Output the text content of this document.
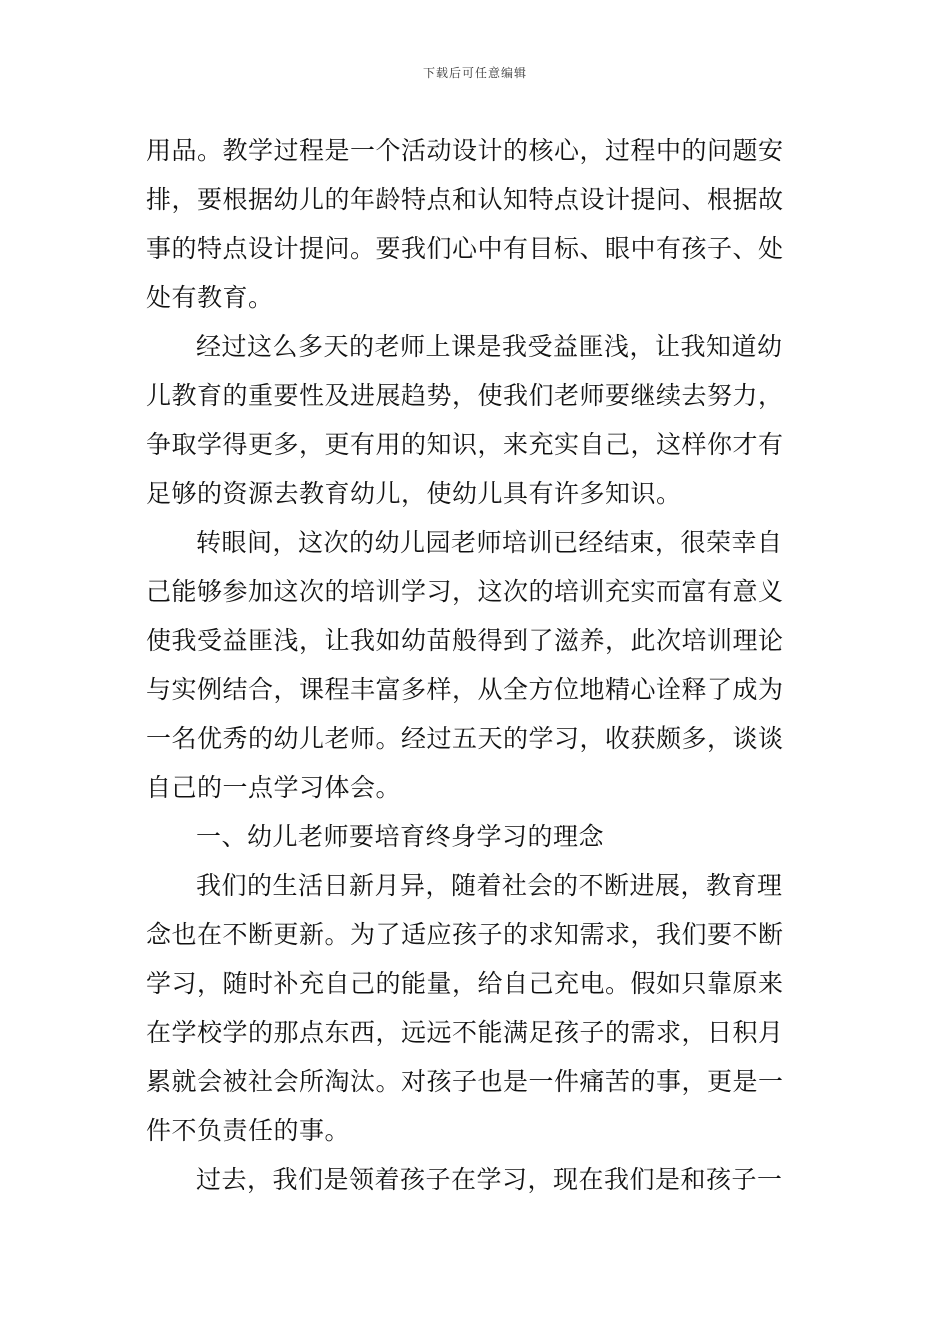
下载后可任意编辑
用品。教学过程是一个活动设计的核心，过程中的问题安
排，要根据幼儿的年龄特点和认知特点设计提问、根据故
事的特点设计提问。要我们心中有目标、眼中有孩子、处
处有教育。
经过这么多天的老师上课是我受益匪浅，让我知道幼
儿教育的重要性及进展趋势，使我们老师要继续去努力，
争取学得更多，更有用的知识，来充实自己，这样你才有
足够的资源去教育幼儿，使幼儿具有许多知识。
转眼间，这次的幼儿园老师培训已经结束，很荣幸自
己能够参加这次的培训学习，这次的培训充实而富有意义
使我受益匪浅，让我如幼苗般得到了滋养，此次培训理论
与实例结合，课程丰富多样，从全方位地精心诠释了成为
一名优秀的幼儿老师。经过五天的学习，收获颇多，谈谈
自己的一点学习体会。
一、幼儿老师要培育终身学习的理念
我们的生活日新月异，随着社会的不断进展，教育理
念也在不断更新。为了适应孩子的求知需求，我们要不断
学习，随时补充自己的能量，给自己充电。假如只靠原来
在学校学的那点东西，远远不能满足孩子的需求，日积月
累就会被社会所淘汰。对孩子也是一件痛苦的事，更是一
件不负责任的事。
过去，我们是领着孩子在学习，现在我们是和孩子一
